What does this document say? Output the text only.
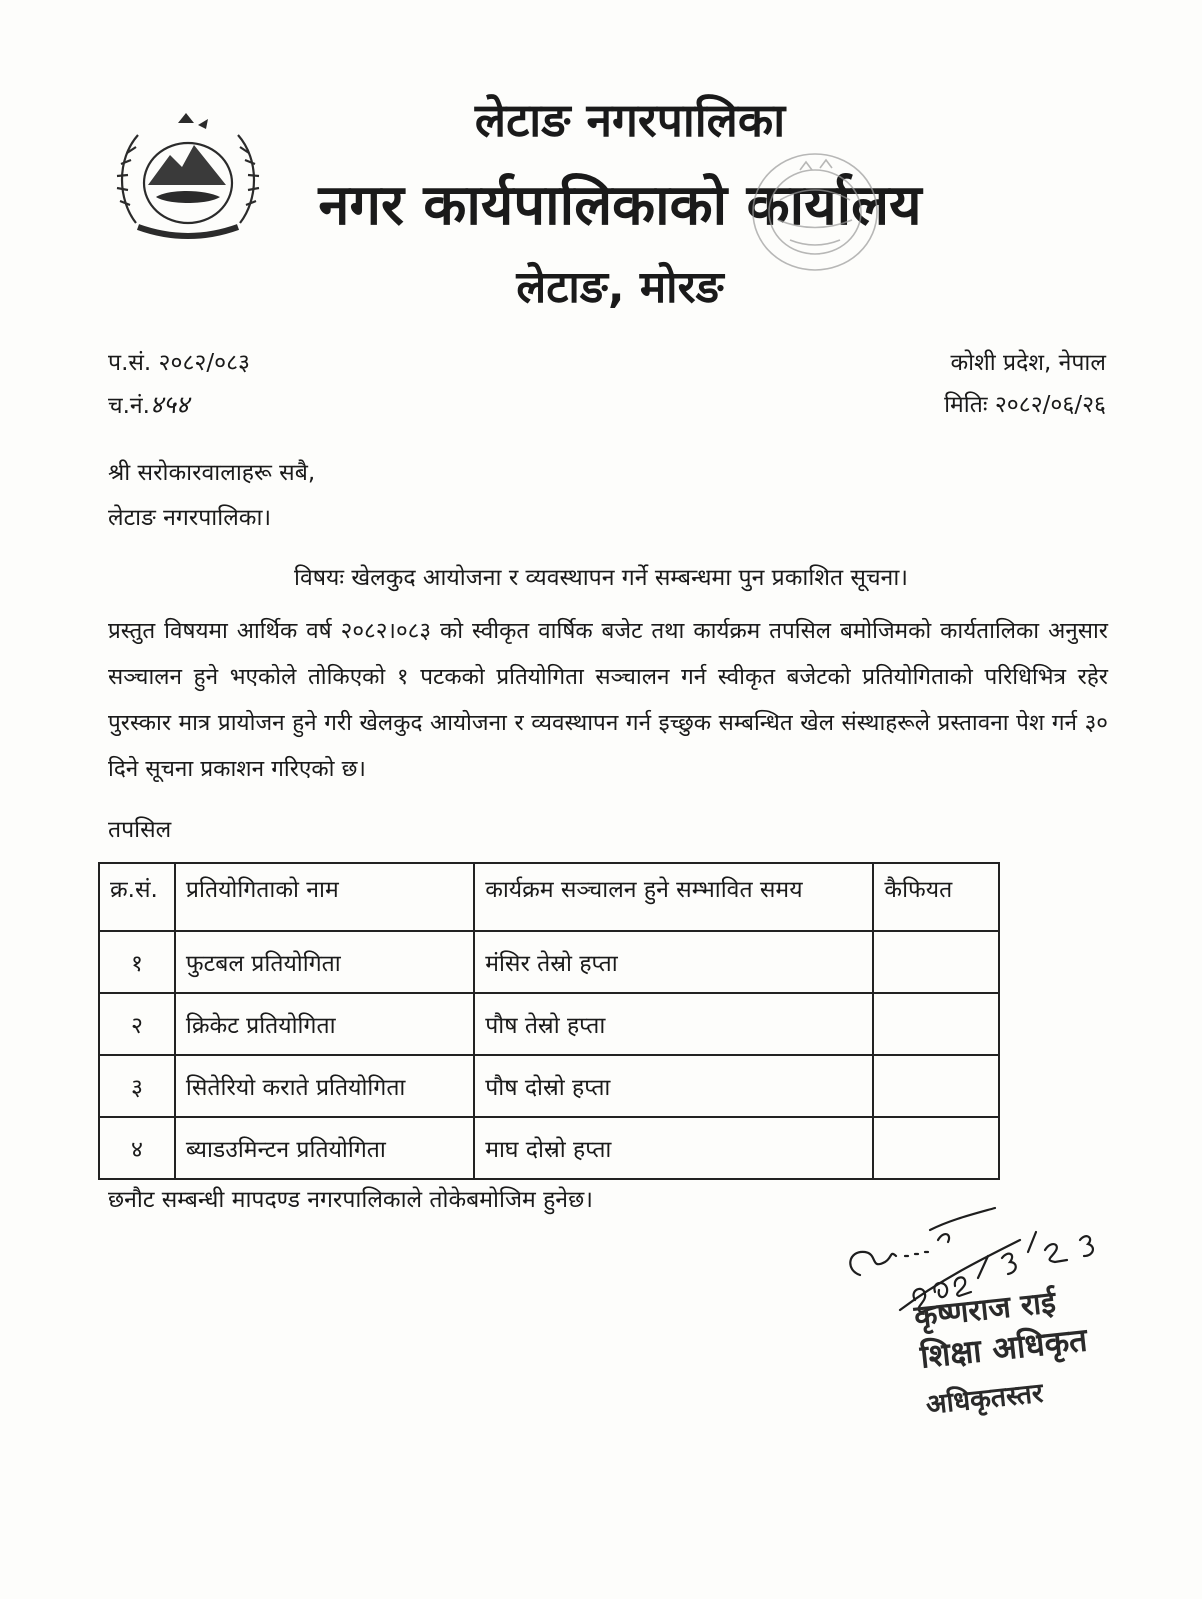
लेटाङ नगरपालिका
नगर कार्यपालिकाको कार्यालय
लेटाङ, मोरङ
प.सं. २०८२/०८३
च.नं.४५४
कोशी प्रदेश, नेपाल
मितिः २०८२/०६/२६
श्री सरोकारवालाहरू सबै,
लेटाङ नगरपालिका।
विषयः खेलकुद आयोजना र व्यवस्थापन गर्ने सम्बन्धमा पुन प्रकाशित सूचना।
प्रस्तुत विषयमा आर्थिक वर्ष २०८२।०८३ को स्वीकृत वार्षिक बजेट तथा कार्यक्रम तपसिल बमोजिमको कार्यतालिका अनुसार सञ्चालन हुने भएकोले तोकिएको १ पटकको प्रतियोगिता सञ्चालन गर्न स्वीकृत बजेटको प्रतियोगिताको परिधिभित्र रहेर पुरस्कार मात्र प्रायोजन हुने गरी खेलकुद आयोजना र व्यवस्थापन गर्न इच्छुक सम्बन्धित खेल संस्थाहरूले प्रस्तावना पेश गर्न ३० दिने सूचना प्रकाशन गरिएको छ।
तपसिल
क्र.सं.	प्रतियोगिताको नाम	कार्यक्रम सञ्चालन हुने सम्भावित समय	कैफियत
१	फुटबल प्रतियोगिता	मंसिर तेस्रो हप्ता	
२	क्रिकेट प्रतियोगिता	पौष तेस्रो हप्ता	
३	सितेरियो कराते प्रतियोगिता	पौष दोस्रो हप्ता	
४	ब्याडउमिन्टन प्रतियोगिता	माघ दोस्रो हप्ता	
छनौट सम्बन्धी मापदण्ड नगरपालिकाले तोकेबमोजिम हुनेछ।
कृष्णराज राई
शिक्षा अधिकृत
अधिकृतस्तर
